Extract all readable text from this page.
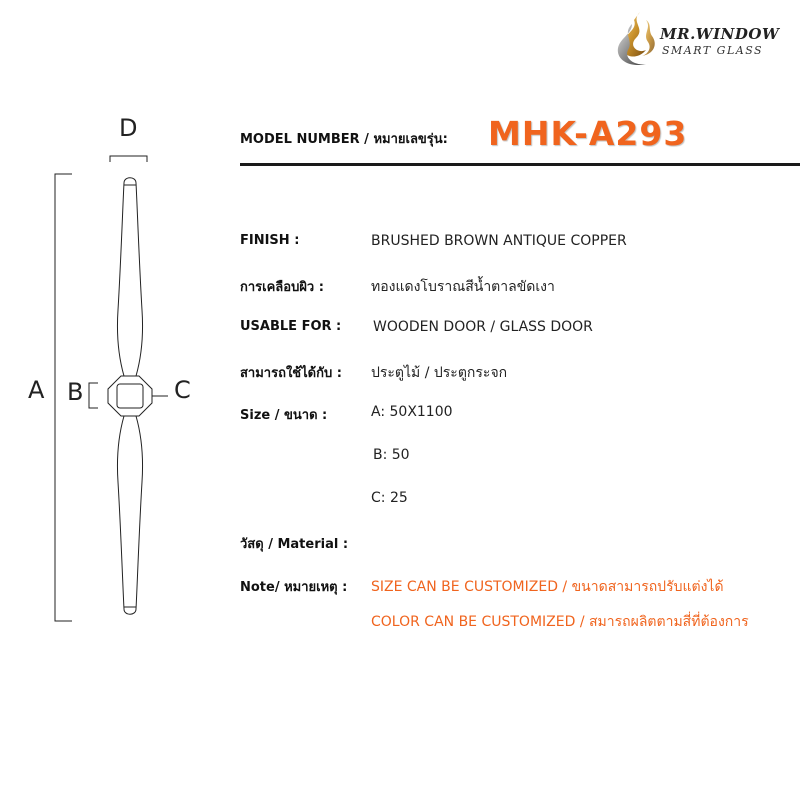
MR.WINDOW
SMART GLASS
D
A B	C
MODEL NUMBER / หมายเลขรุ่น: MHK-A293
FINISH :	BRUSHED BROWN ANTIQUE COPPER
การเคลือบผิว :	ทองแดงโบราณสีน้ำตาลขัดเงา
USABLE FOR : WOODEN DOOR / GLASS DOOR
สามารถใช้ได้กับ : ประตูไม้ / ประตูกระจก
Size / ขนาด :	A: 50X1100
B: 50
C: 25
วัสดุ / Material :
Note/ หมายเหตุ : SIZE CAN BE CUSTOMIZED / ขนาดสามารถปรับแต่งได้
COLOR CAN BE CUSTOMIZED / สมารถผลิตตามสี่ที่ต้องการ
